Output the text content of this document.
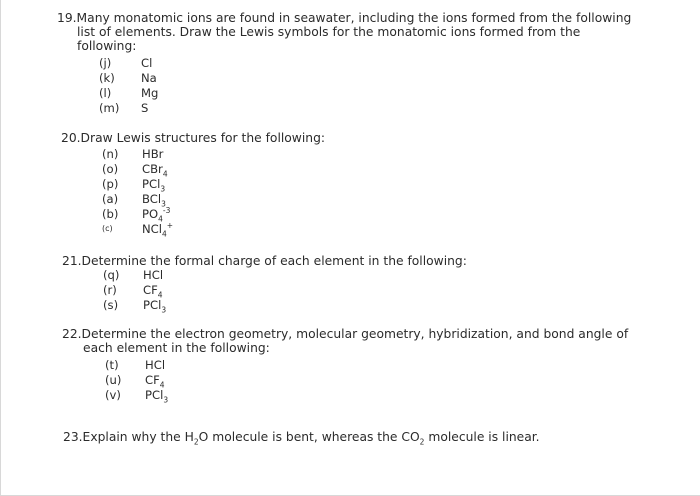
19.Many monatomic ions are found in seawater, including the ions formed from the following
list of elements. Draw the Lewis symbols for the monatomic ions formed from the
following:
(j)	Cl
(k) Na
(l)	Mg
(m) S
20.Draw Lewis structures for the following:
(n) HBr
(o) CBr$_4$
(p) PCl$_3$
(a) BCl$_3$
(b) $PO_4^{-3}$
(c)	NCl$_4$+
21.Determine the formal charge of each element in the following:
(q) HCl
(r) $CF_4$
(s) PCl$_3$
22.Determine the electron geometry, molecular geometry, hybridization, and bond angle of
each element in the following:
(t) HCl
(u) $CF_4$
(v) PCl$_3$
23.Explain why the $H_2O$ molecule is bent, whereas the $CO_2$ molecule is linear.
